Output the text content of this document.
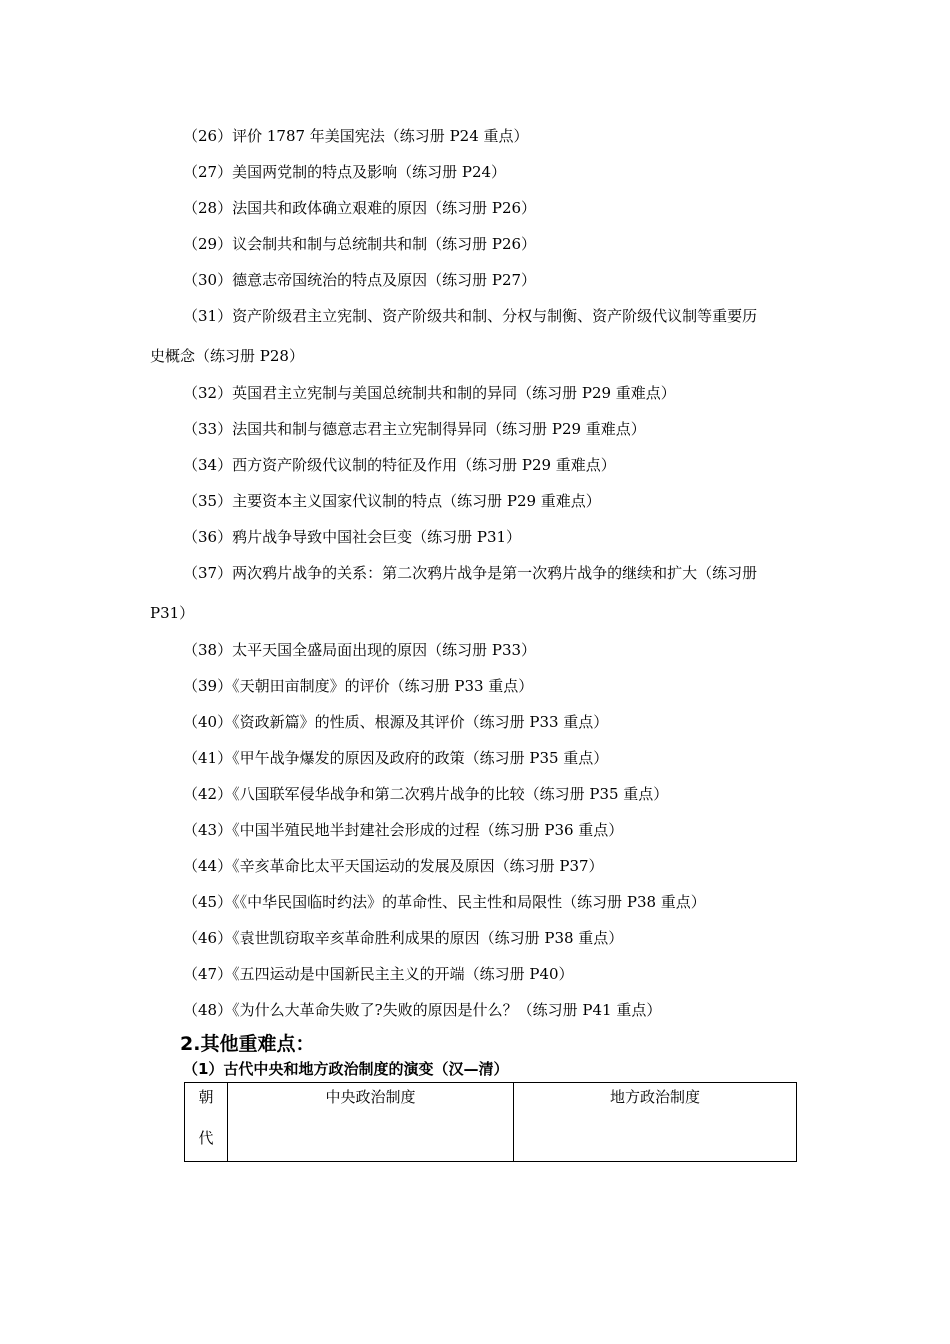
（26）评价 1787 年美国宪法（练习册 P24 重点）
（27）美国两党制的特点及影响（练习册 P24）
（28）法国共和政体确立艰难的原因（练习册 P26）
（29）议会制共和制与总统制共和制（练习册 P26）
（30）德意志帝国统治的特点及原因（练习册 P27）
（31）资产阶级君主立宪制、资产阶级共和制、分权与制衡、资产阶级代议制等重要历
史概念（练习册 P28）
（32）英国君主立宪制与美国总统制共和制的异同（练习册 P29 重难点）
（33）法国共和制与德意志君主立宪制得异同（练习册 P29 重难点）
（34）西方资产阶级代议制的特征及作用（练习册 P29 重难点）
（35）主要资本主义国家代议制的特点（练习册 P29 重难点）
（36）鸦片战争导致中国社会巨变（练习册 P31）
（37）两次鸦片战争的关系：第二次鸦片战争是第一次鸦片战争的继续和扩大（练习册
P31）
（38）太平天国全盛局面出现的原因（练习册 P33）
（39）《天朝田亩制度》的评价（练习册 P33 重点）
（40）《资政新篇》的性质、根源及其评价（练习册 P33 重点）
（41）《甲午战争爆发的原因及政府的政策（练习册 P35 重点）
（42）《八国联军侵华战争和第二次鸦片战争的比较（练习册 P35 重点）
（43）《中国半殖民地半封建社会形成的过程（练习册 P36 重点）
（44）《辛亥革命比太平天国运动的发展及原因（练习册 P37）
（45）《《中华民国临时约法》的革命性、民主性和局限性（练习册 P38 重点）
（46）《袁世凯窃取辛亥革命胜利成果的原因（练习册 P38 重点）
（47）《五四运动是中国新民主主义的开端（练习册 P40）
（48）《为什么大革命失败了?失败的原因是什么？（练习册 P41 重点）
2.其他重难点：
（1）古代中央和地方政治制度的演变（汉—清）
朝
代
	中央政治制度	地方政治制度
